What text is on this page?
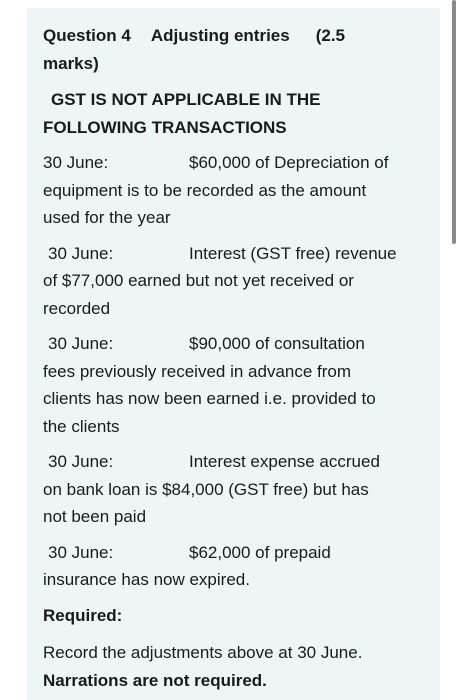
Question 4 Adjusting entries (2.5
marks)
GST IS NOT APPLICABLE IN THE
FOLLOWING TRANSACTIONS
30 June:	$60,000 of Depreciation of
equipment is to be recorded as the amount
used for the year
30 June:	Interest (GST free) revenue
of $77,000 earned but not yet received or
recorded
30 June:	$90,000 of consultation
fees previously received in advance from
clients has now been earned i.e. provided to
the clients
30 June:	Interest expense accrued
on bank loan is $84,000 (GST free) but has
not been paid
30 June:	$62,000 of prepaid
insurance has now expired.
Required:
Record the adjustments above at 30 June.
Narrations are not required.
